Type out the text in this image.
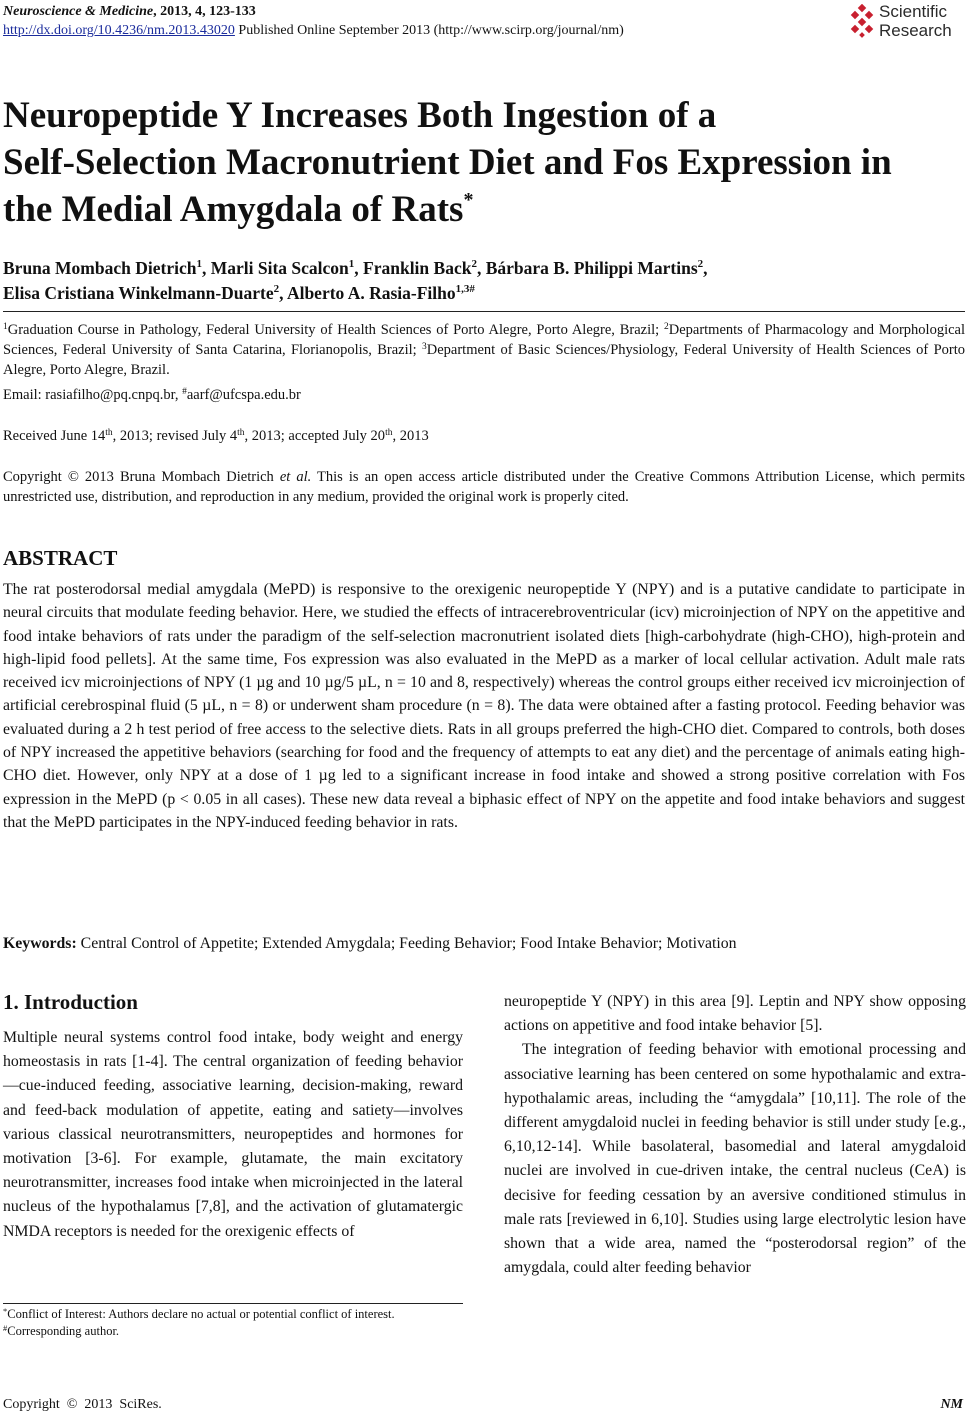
Neuroscience & Medicine, 2013, 4, 123-133
http://dx.doi.org/10.4236/nm.2013.43020 Published Online September 2013 (http://www.scirp.org/journal/nm)
Scientific
Research
Neuropeptide Y Increases Both Ingestion of a
Self-Selection Macronutrient Diet and Fos Expression in
the Medial Amygdala of Rats*
Bruna Mombach Dietrich$^1$, Marli Sita Scalcon$^1$, Franklin Back$^2$, Bárbara B. Philippi Martins$^2$,
Elisa Cristiana Winkelmann-Duarte$^2$, Alberto A. Rasia-Filho$^{1,3\#}$
$^1$Graduation Course in Pathology, Federal University of Health Sciences of Porto Alegre, Porto Alegre, Brazil; $^2$Departments of Pharmacology and Morphological Sciences, Federal University of Santa Catarina, Florianopolis, Brazil; $^3$Department of Basic Sciences/Physiology, Federal University of Health Sciences of Porto Alegre, Porto Alegre, Brazil.
Email: rasiafilho@pq.cnpq.br, #aarf@ufcspa.edu.br
Received June 14th, 2013; revised July 4th, 2013; accepted July 20th, 2013
Copyright © 2013 Bruna Mombach Dietrich et al. This is an open access article distributed under the Creative Commons Attribution License, which permits unrestricted use, distribution, and reproduction in any medium, provided the original work is properly cited.
ABSTRACT
The rat posterodorsal medial amygdala (MePD) is responsive to the orexigenic neuropeptide Y (NPY) and is a putative candidate to participate in neural circuits that modulate feeding behavior. Here, we studied the effects of intracerebroventricular (icv) microinjection of NPY on the appetitive and food intake behaviors of rats under the paradigm of the self-selection macronutrient isolated diets [high-carbohydrate (high-CHO), high-protein and high-lipid food pellets]. At the same time, Fos expression was also evaluated in the MePD as a marker of local cellular activation. Adult male rats received icv microinjections of NPY (1 µg and 10 µg/5 µL, n = 10 and 8, respectively) whereas the control groups either received icv microinjection of artificial cerebrospinal fluid (5 µL, n = 8) or underwent sham procedure (n = 8). The data were obtained after a fasting protocol. Feeding behavior was evaluated during a 2 h test period of free access to the selective diets. Rats in all groups preferred the high-CHO diet. Compared to controls, both doses of NPY increased the appetitive behaviors (searching for food and the frequency of attempts to eat any diet) and the percentage of animals eating high-CHO diet. However, only NPY at a dose of 1 µg led to a significant increase in food intake and showed a strong positive correlation with Fos expression in the MePD (p < 0.05 in all cases). These new data reveal a biphasic effect of NPY on the appetite and food intake behaviors and suggest that the MePD participates in the NPY-induced feeding behavior in rats.
Keywords: Central Control of Appetite; Extended Amygdala; Feeding Behavior; Food Intake Behavior; Motivation
1. Introduction
Multiple neural systems control food intake, body weight and energy homeostasis in rats [1-4]. The central organization of feeding behavior—cue-induced feeding, associative learning, decision-making, reward and feed-back modulation of appetite, eating and satiety—involves various classical neurotransmitters, neuropeptides and hormones for motivation [3-6]. For example, glutamate, the main excitatory neurotransmitter, increases food intake when microinjected in the lateral nucleus of the hypothalamus [7,8], and the activation of glutamatergic NMDA receptors is needed for the orexigenic effects of

neuropeptide Y (NPY) in this area [9]. Leptin and NPY show opposing actions on appetitive and food intake behavior [5].

The integration of feeding behavior with emotional processing and associative learning has been centered on some hypothalamic and extra-hypothalamic areas, including the “amygdala” [10,11]. The role of the different amygdaloid nuclei in feeding behavior is still under study [e.g., 6,10,12-14]. While basolateral, basomedial and lateral amygdaloid nuclei are involved in cue-driven intake, the central nucleus (CeA) is decisive for feeding cessation by an aversive conditioned stimulus in male rats [reviewed in 6,10]. Studies using large electrolytic lesion have shown that a wide area, named the “posterodorsal region” of the amygdala, could alter feeding behavior

*Conflict of Interest: Authors declare no actual or potential conflict of interest.
#Corresponding author.
Copyright  ©  2013  SciRes.	NM
